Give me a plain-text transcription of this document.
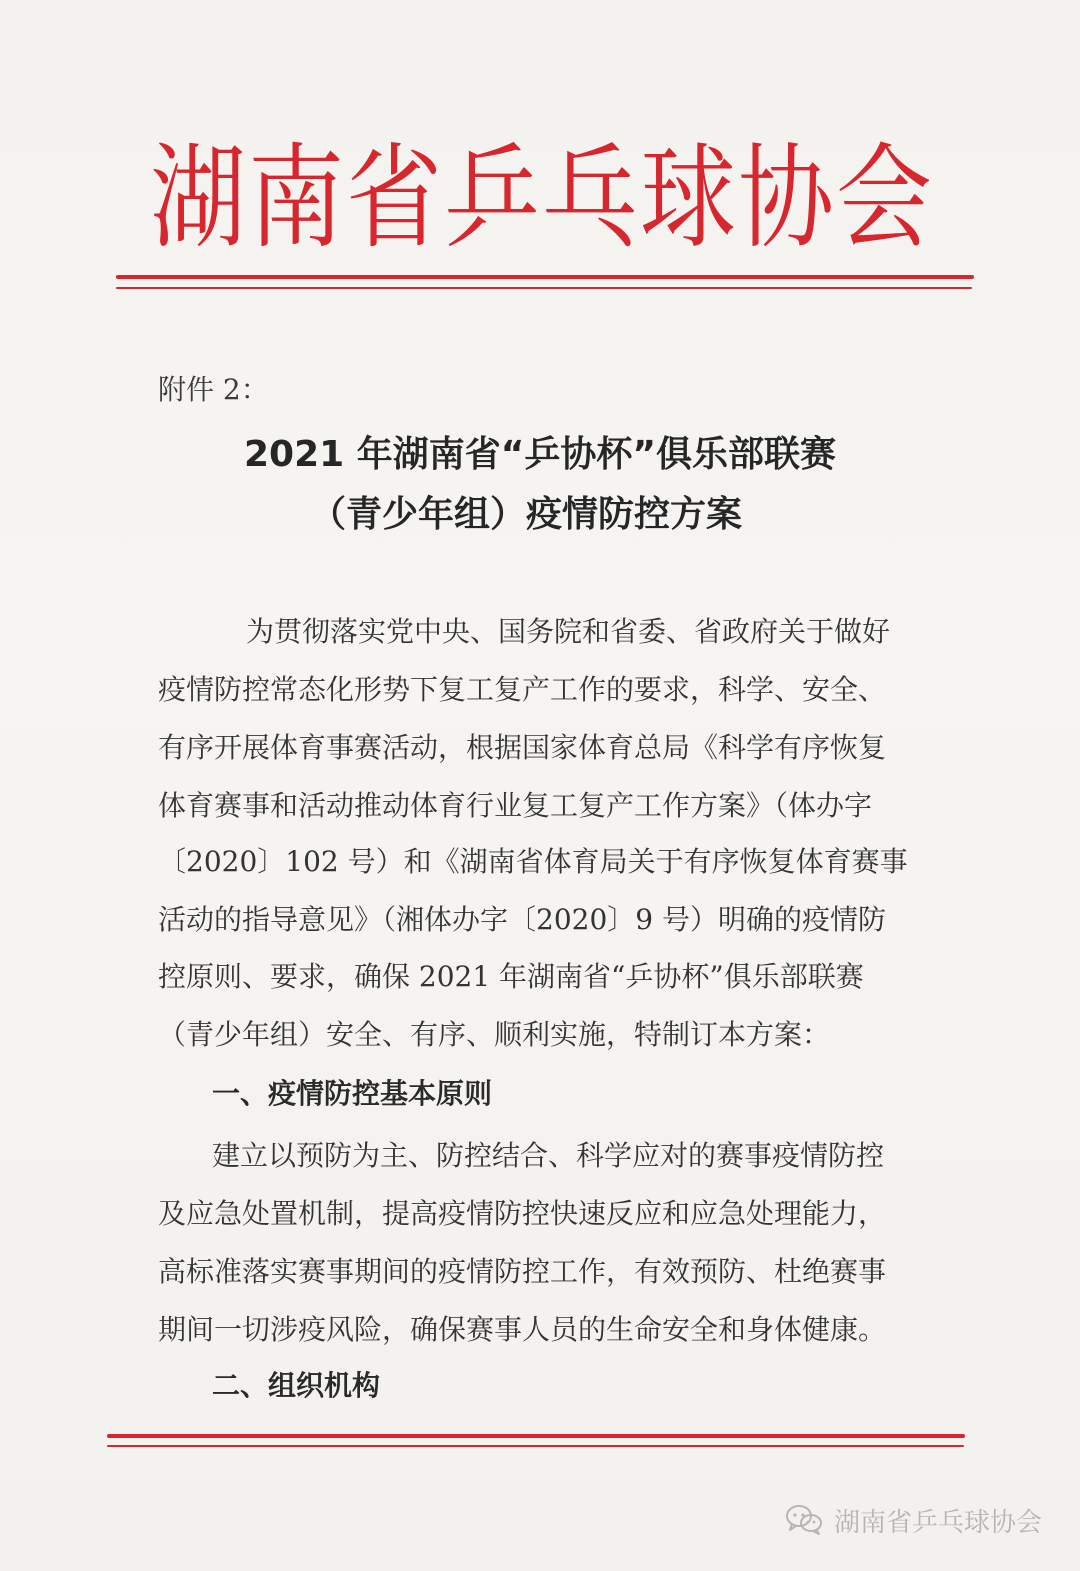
湖南省乒乓球协会
附件 2：
2021 年湖南省“乒协杯”俱乐部联赛
（青少年组）疫情防控方案
为贯彻落实党中央、国务院和省委、省政府关于做好
疫情防控常态化形势下复工复产工作的要求，科学、安全、
有序开展体育事赛活动，根据国家体育总局《科学有序恢复
体育赛事和活动推动体育行业复工复产工作方案》（体办字
〔2020〕102 号）和《湖南省体育局关于有序恢复体育赛事
活动的指导意见》（湘体办字〔2020〕9 号）明确的疫情防
控原则、要求，确保 2021 年湖南省“乒协杯”俱乐部联赛
（青少年组）安全、有序、顺利实施，特制订本方案：
一、疫情防控基本原则
建立以预防为主、防控结合、科学应对的赛事疫情防控
及应急处置机制，提高疫情防控快速反应和应急处理能力，
高标准落实赛事期间的疫情防控工作，有效预防、杜绝赛事
期间一切涉疫风险，确保赛事人员的生命安全和身体健康。
二、组织机构
湖南省乒乓球协会
